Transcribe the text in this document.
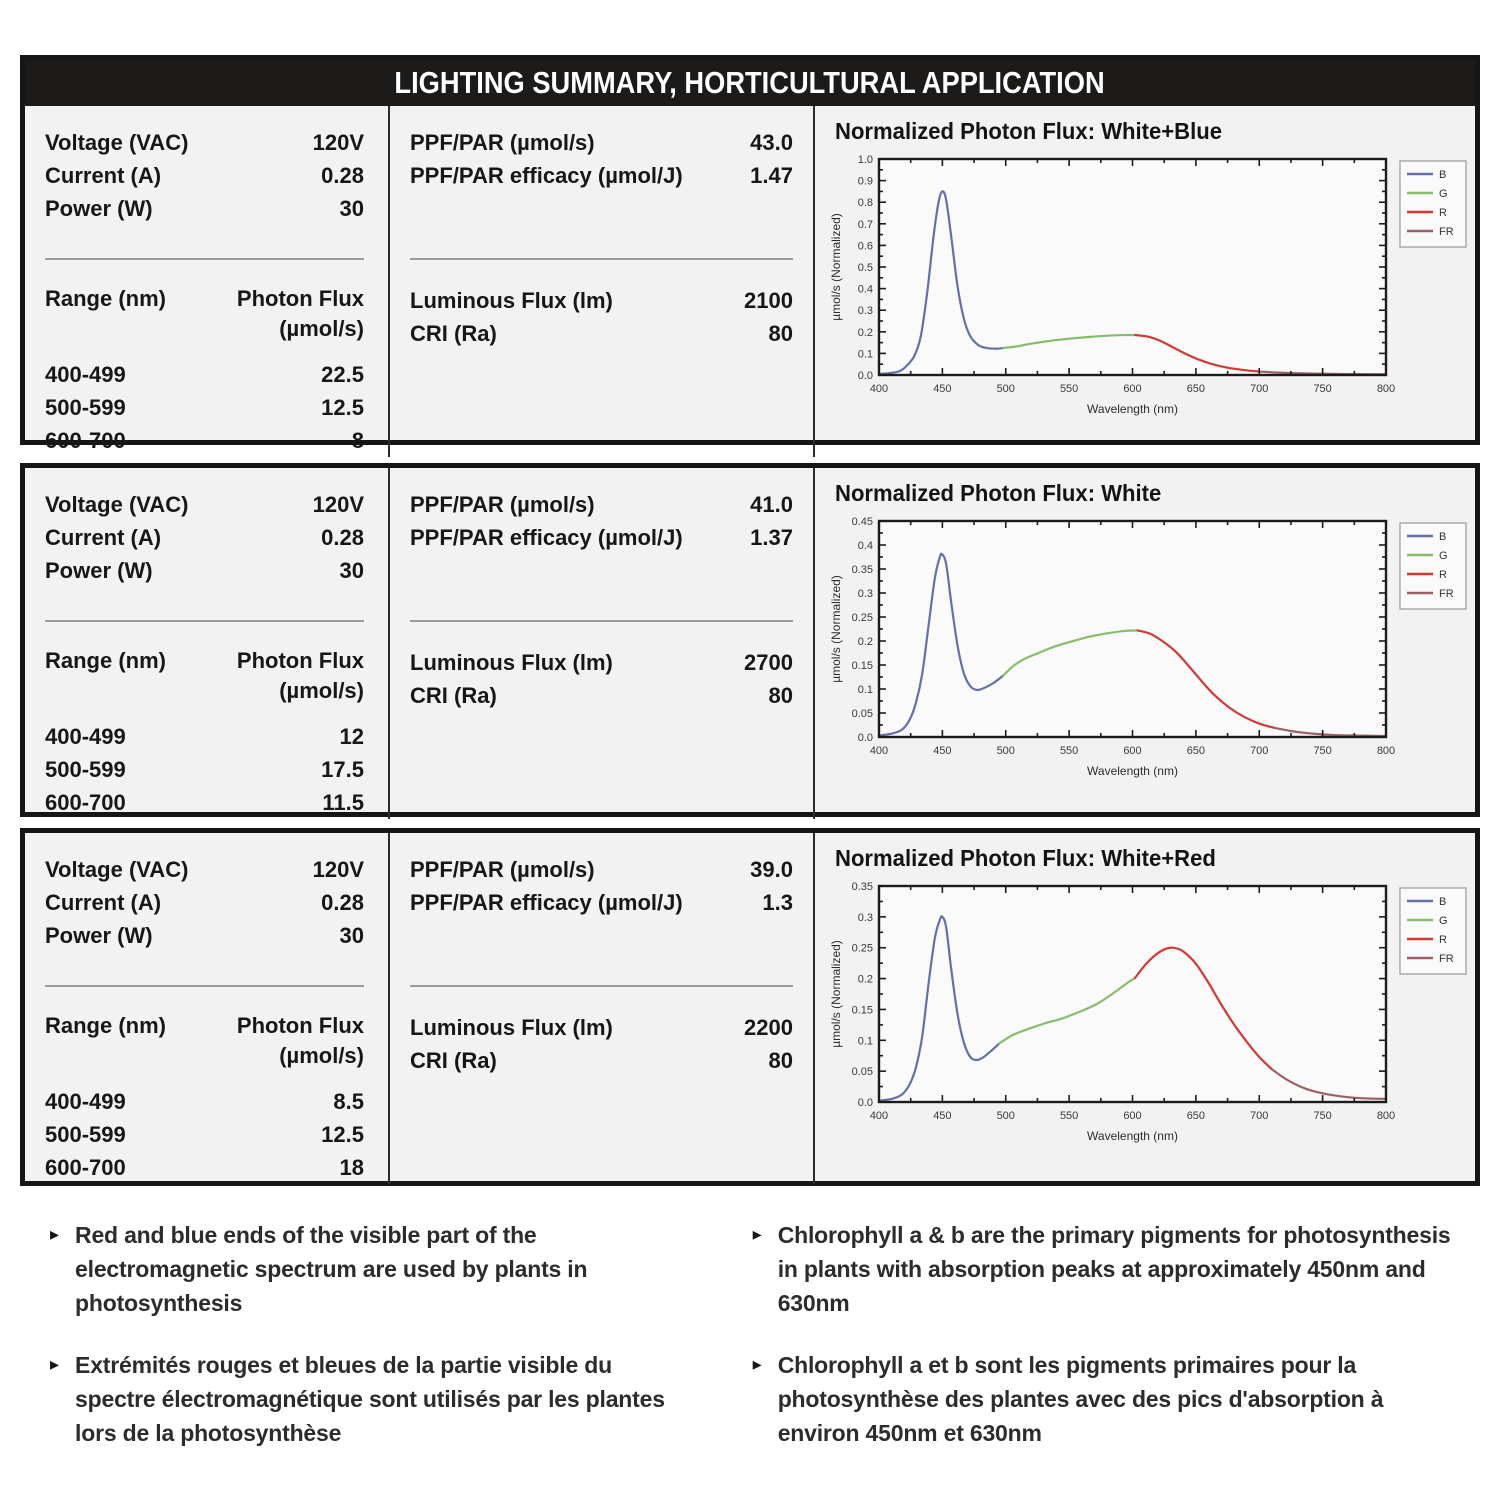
LIGHTING SUMMARY, HORTICULTURAL APPLICATION
Voltage (VAC)	120V
Current (A)	0.28
Power (W)	30
Range (nm)	Photon Flux
(µmol/s)
400-499	22.5
500-599	12.5
600-700	8
PPF/PAR (µmol/s)	43.0
PPF/PAR efficacy (µmol/J)	1.47
Luminous Flux (lm)	2100
CRI (Ra)	80
Normalized Photon Flux: White+Blue
400	450	500	550	600	650	700	750	800
0.0
0.1
0.2
0.3
0.4
0.5
0.6
0.7
0.8
0.9
1.0
Wavelength (nm)
µmol/s (Normalized)
B
G
R
FR
Voltage (VAC)	120V
Current (A)	0.28
Power (W)	30
Range (nm)	Photon Flux
(µmol/s)
400-499	12
500-599	17.5
600-700	11.5
PPF/PAR (µmol/s)	41.0
PPF/PAR efficacy (µmol/J)	1.37
Luminous Flux (lm)	2700
CRI (Ra)	80
Normalized Photon Flux: White
400	450	500	550	600	650	700	750	800
0.0
0.05
0.1
0.15
0.2
0.25
0.3
0.35
0.4
0.45
Wavelength (nm)
µmol/s (Normalized)
B
G
R
FR
Voltage (VAC)	120V
Current (A)	0.28
Power (W)	30
Range (nm)	Photon Flux
(µmol/s)
400-499	8.5
500-599	12.5
600-700	18
PPF/PAR (µmol/s)	39.0
PPF/PAR efficacy (µmol/J)	1.3
Luminous Flux (lm)	2200
CRI (Ra)	80
Normalized Photon Flux: White+Red
400	450	500	550	600	650	700	750	800
0.0
0.05
0.1
0.15
0.2
0.25
0.3
0.35
Wavelength (nm)
µmol/s (Normalized)
B
G
R
FR
▸ Red and blue ends of the visible part of the electromagnetic spectrum are used by plants in photosynthesis

▸ Extrémités rouges et bleues de la partie visible du spectre électromagnétique sont utilisés par les plantes lors de la photosynthèse

▸ Chlorophyll a & b are the primary pigments for photosynthesis in plants with absorption peaks at approximately 450nm and 630nm

▸ Chlorophyll a et b sont les pigments primaires pour la photosynthèse des plantes avec des pics d'absorption à environ 450nm et 630nm
